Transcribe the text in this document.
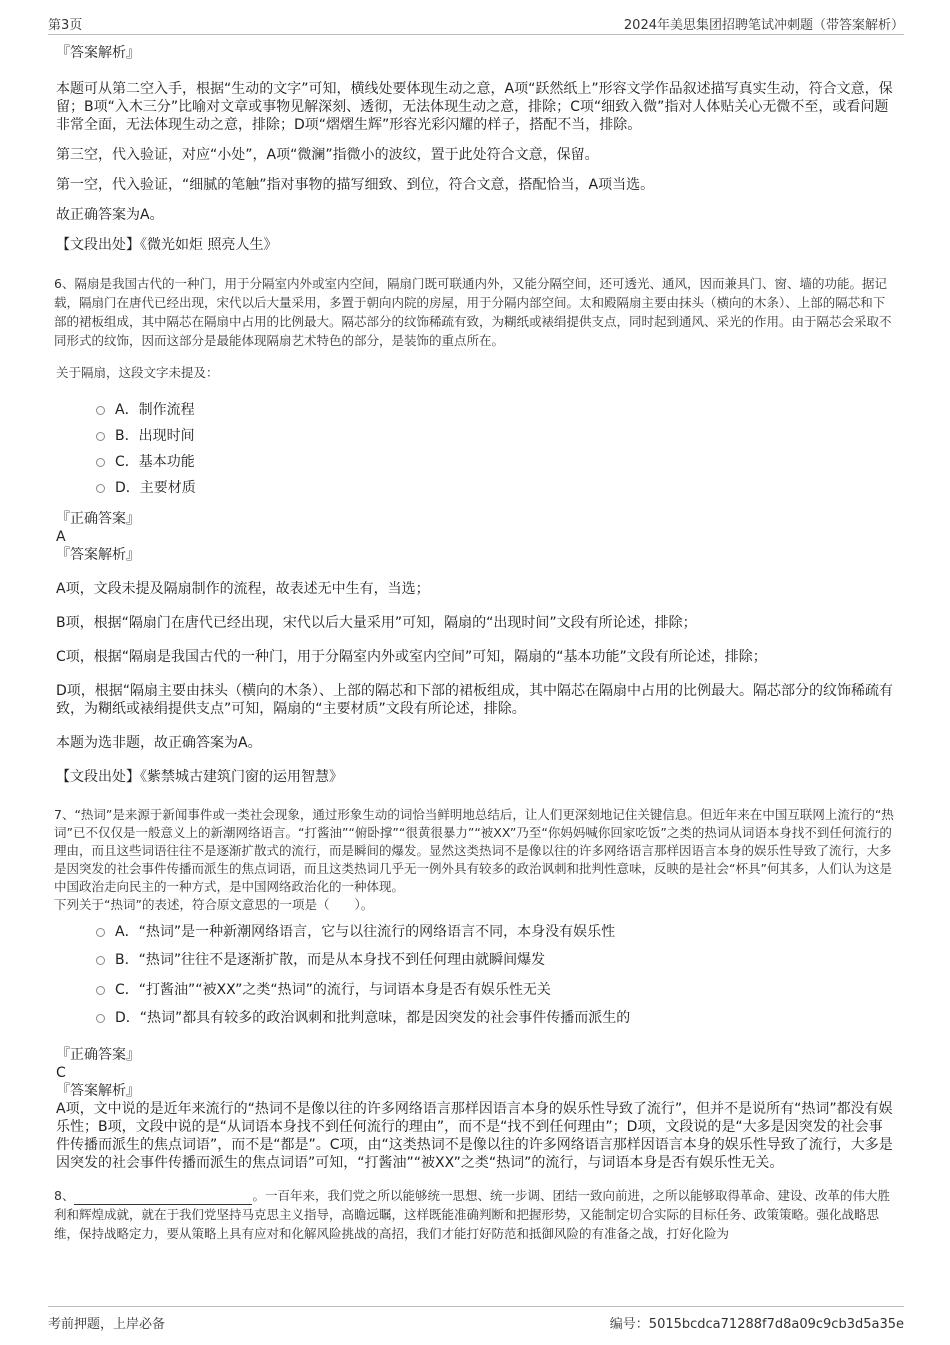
第3页	2024年美思集团招聘笔试冲刺题（带答案解析）

『答案解析』

本题可从第二空入手，根据“生动的文字”可知，横线处要体现生动之意，A项“跃然纸上”形容文学作品叙述描写真实生动，符合文意，保留；B项“入木三分”比喻对文章或事物见解深刻、透彻，无法体现生动之意，排除；C项“细致入微”指对人体贴关心无微不至，或看问题非常全面，无法体现生动之意，排除；D项“熠熠生辉”形容光彩闪耀的样子，搭配不当，排除。

第三空，代入验证，对应“小处”，A项“微澜”指微小的波纹，置于此处符合文意，保留。

第一空，代入验证，“细腻的笔触”指对事物的描写细致、到位，符合文意，搭配恰当，A项当选。

故正确答案为A。

【文段出处】《微光如炬 照亮人生》

6、隔扇是我国古代的一种门，用于分隔室内外或室内空间，隔扇门既可联通内外，又能分隔空间，还可透光、通风，因而兼具门、窗、墙的功能。据记载，隔扇门在唐代已经出现，宋代以后大量采用，多置于朝向内院的房屋，用于分隔内部空间。太和殿隔扇主要由抹头（横向的木条）、上部的隔芯和下部的裙板组成，其中隔芯在隔扇中占用的比例最大。隔芯部分的纹饰稀疏有致，为糊纸或裱绢提供支点，同时起到通风、采光的作用。由于隔芯会采取不同形式的纹饰，因而这部分是最能体现隔扇艺术特色的部分，是装饰的重点所在。

关于隔扇，这段文字未提及：

A．制作流程
B．出现时间
C．基本功能
D．主要材质

『正确答案』

A

『答案解析』

A项，文段未提及隔扇制作的流程，故表述无中生有，当选；

B项，根据“隔扇门在唐代已经出现，宋代以后大量采用”可知，隔扇的“出现时间”文段有所论述，排除；

C项，根据“隔扇是我国古代的一种门，用于分隔室内外或室内空间”可知，隔扇的“基本功能”文段有所论述，排除；

D项，根据“隔扇主要由抹头（横向的木条）、上部的隔芯和下部的裙板组成，其中隔芯在隔扇中占用的比例最大。隔芯部分的纹饰稀疏有致，为糊纸或裱绢提供支点”可知，隔扇的“主要材质”文段有所论述，排除。

本题为选非题，故正确答案为A。

【文段出处】《紫禁城古建筑门窗的运用智慧》

7、“热词”是来源于新闻事件或一类社会现象，通过形象生动的词恰当鲜明地总结后，让人们更深刻地记住关键信息。但近年来在中国互联网上流行的“热词”已不仅仅是一般意义上的新潮网络语言。“打酱油”“俯卧撑”“很黄很暴力”“被XX”乃至“你妈妈喊你回家吃饭”之类的热词从词语本身找不到任何流行的理由，而且这些词语往往不是逐渐扩散式的流行，而是瞬间的爆发。显然这类热词不是像以往的许多网络语言那样因语言本身的娱乐性导致了流行，大多是因突发的社会事件传播而派生的焦点词语，而且这类热词几乎无一例外具有较多的政治讽刺和批判性意味，反映的是社会“杯具”何其多，人们认为这是中国政治走向民主的一种方式，是中国网络政治化的一种体现。

下列关于“热词”的表述，符合原文意思的一项是（　　）。

A．“热词”是一种新潮网络语言，它与以往流行的网络语言不同，本身没有娱乐性
B．“热词”往往不是逐渐扩散，而是从本身找不到任何理由就瞬间爆发
C．“打酱油”“被XX”之类“热词”的流行，与词语本身是否有娱乐性无关
D．“热词”都具有较多的政治讽刺和批判意味，都是因突发的社会事件传播而派生的

『正确答案』

C

『答案解析』

A项，文中说的是近年来流行的“热词不是像以往的许多网络语言那样因语言本身的娱乐性导致了流行”，但并不是说所有“热词”都没有娱乐性；B项，文段中说的是“从词语本身找不到任何流行的理由”，而不是“找不到任何理由”；D项，文段说的是“大多是因突发的社会事件传播而派生的焦点词语”，而不是“都是”。C项，由“这类热词不是像以往的许多网络语言那样因语言本身的娱乐性导致了流行，大多是因突发的社会事件传播而派生的焦点词语”可知，“打酱油”“被XX”之类“热词”的流行，与词语本身是否有娱乐性无关。

8、	。一百年来，我们党之所以能够统一思想、统一步调、团结一致向前进，之所以能够取得革命、建设、改革的伟大胜利和辉煌成就，就在于我们党坚持马克思主义指导，高瞻远瞩，这样既能准确判断和把握形势，又能制定切合实际的目标任务、政策策略。强化战略思维，保持战略定力，要从策略上具有应对和化解风险挑战的高招，我们才能打好防范和抵御风险的有准备之战，打好化险为

考前押题，上岸必备	编号：5015bcdca71288f7d8a09c9cb3d5a35e
